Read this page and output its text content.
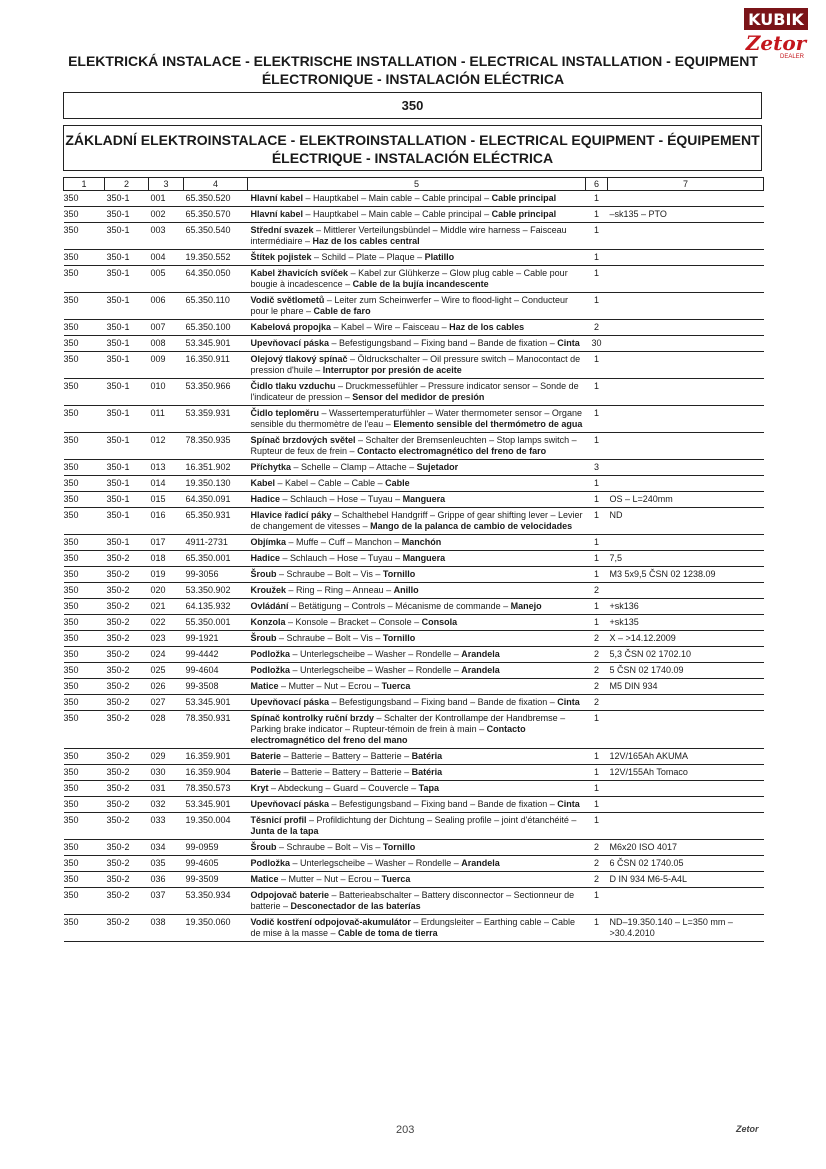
KUBIK
Zetor
DEALER
ELEKTRICKÁ INSTALACE - ELEKTRISCHE INSTALLATION - ELECTRICAL INSTALLATION - EQUIPMENT
ÉLECTRONIQUE - INSTALACIÓN ELÉCTRICA
350
ZÁKLADNÍ ELEKTROINSTALACE - ELEKTROINSTALLATION - ELECTRICAL EQUIPMENT - ÉQUIPEMENT
ÉLECTRIQUE - INSTALACIÓN ELÉCTRICA
1	2	3	4	5	6	7
350	350-1	001	65.350.520	Hlavní kabel – Hauptkabel – Main cable – Cable principal – Cable principal	1	
350	350-1	002	65.350.570	Hlavní kabel – Hauptkabel – Main cable – Cable principal – Cable principal	1	–sk135 – PTO
350	350-1	003	65.350.540	Střední svazek – Mittlerer Verteilungsbündel – Middle wire harness – Faisceau intermédiaire – Haz de los cables central	1	
350	350-1	004	19.350.552	Štítek pojistek – Schild – Plate – Plaque – Platillo	1	
350	350-1	005	64.350.050	Kabel žhavicích svíček – Kabel zur Glühkerze – Glow plug cable – Cable pour bougie à incadescence – Cable de la bujía incandescente	1	
350	350-1	006	65.350.110	Vodič světlometů – Leiter zum Scheinwerfer – Wire to flood-light – Conducteur pour le phare – Cable de faro	1	
350	350-1	007	65.350.100	Kabelová propojka – Kabel – Wire – Faisceau – Haz de los cables	2	
350	350-1	008	53.345.901	Upevňovací páska – Befestigungsband – Fixing band – Bande de fixation – Cinta	30	
350	350-1	009	16.350.911	Olejový tlakový spínač – Öldruckschalter – Oil pressure switch – Manocontact de pression d'huile – Interruptor por presión de aceite	1	
350	350-1	010	53.350.966	Čidlo tlaku vzduchu – Druckmessefühler – Pressure indicator sensor – Sonde de l'indicateur de pression – Sensor del medidor de presión	1	
350	350-1	011	53.359.931	Čidlo teploměru – Wassertemperaturfühler – Water thermometer sensor – Organe sensible du thermomètre de l'eau – Elemento sensible del thermómetro de agua	1	
350	350-1	012	78.350.935	Spínač brzdových světel – Schalter der Bremsenleuchten – Stop lamps switch – Rupteur de feux de frein – Contacto electromagnético del freno de faro	1	
350	350-1	013	16.351.902	Příchytka – Schelle – Clamp – Attache – Sujetador	3	
350	350-1	014	19.350.130	Kabel – Kabel – Cable – Cable – Cable	1	
350	350-1	015	64.350.091	Hadice – Schlauch – Hose – Tuyau – Manguera	1	OS – L=240mm
350	350-1	016	65.350.931	Hlavice řadicí páky – Schalthebel Handgriff – Grippe of gear shifting lever – Levier de changement de vitesses – Mango de la palanca de cambio de velocidades	1	ND
350	350-1	017	4911-2731	Objímka – Muffe – Cuff – Manchon – Manchón	1	
350	350-2	018	65.350.001	Hadice – Schlauch – Hose – Tuyau – Manguera	1	7,5
350	350-2	019	99-3056	Šroub – Schraube – Bolt – Vis – Tornillo	1	M3 5x9,5 ČSN 02 1238.09
350	350-2	020	53.350.902	Kroužek – Ring – Ring – Anneau – Anillo	2	
350	350-2	021	64.135.932	Ovládání – Betätigung – Controls – Mécanisme de commande – Manejo	1	+sk136
350	350-2	022	55.350.001	Konzola – Konsole – Bracket – Console – Consola	1	+sk135
350	350-2	023	99-1921	Šroub – Schraube – Bolt – Vis – Tornillo	2	X – >14.12.2009
350	350-2	024	99-4442	Podložka – Unterlegscheibe – Washer – Rondelle – Arandela	2	5,3 ČSN 02 1702.10
350	350-2	025	99-4604	Podložka – Unterlegscheibe – Washer – Rondelle – Arandela	2	5 ČSN 02 1740.09
350	350-2	026	99-3508	Matice – Mutter – Nut – Ecrou – Tuerca	2	M5 DIN 934
350	350-2	027	53.345.901	Upevňovací páska – Befestigungsband – Fixing band – Bande de fixation – Cinta	2	
350	350-2	028	78.350.931	Spínač kontrolky ruční brzdy – Schalter der Kontrollampe der Handbremse – Parking brake indicator – Rupteur-témoin de frein à main – Contacto electromagnético del freno del mano	1	
350	350-2	029	16.359.901	Baterie – Batterie – Battery – Batterie – Batéria	1	12V/165Ah AKUMA
350	350-2	030	16.359.904	Baterie – Batterie – Battery – Batterie – Batéria	1	12V/155Ah Tomaco
350	350-2	031	78.350.573	Kryt – Abdeckung – Guard – Couvercle – Tapa	1	
350	350-2	032	53.345.901	Upevňovací páska – Befestigungsband – Fixing band – Bande de fixation – Cinta	1	
350	350-2	033	19.350.004	Těsnicí profil – Profildichtung der Dichtung – Sealing profile – joint d'étanchéité – Junta de la tapa	1	
350	350-2	034	99-0959	Šroub – Schraube – Bolt – Vis – Tornillo	2	M6x20 ISO 4017
350	350-2	035	99-4605	Podložka – Unterlegscheibe – Washer – Rondelle – Arandela	2	6 ČSN 02 1740.05
350	350-2	036	99-3509	Matice – Mutter – Nut – Ecrou – Tuerca	2	D IN 934 M6-5-A4L
350	350-2	037	53.350.934	Odpojovač baterie – Batterieabschalter – Battery disconnector – Sectionneur de batterie – Desconectador de las baterías	1	
350	350-2	038	19.350.060	Vodič kostření odpojovač-akumulátor – Erdungsleiter – Earthing cable – Cable de mise à la masse – Cable de toma de tierra	1	ND–19.350.140 – L=350 mm – >30.4.2010
203	Zetor
